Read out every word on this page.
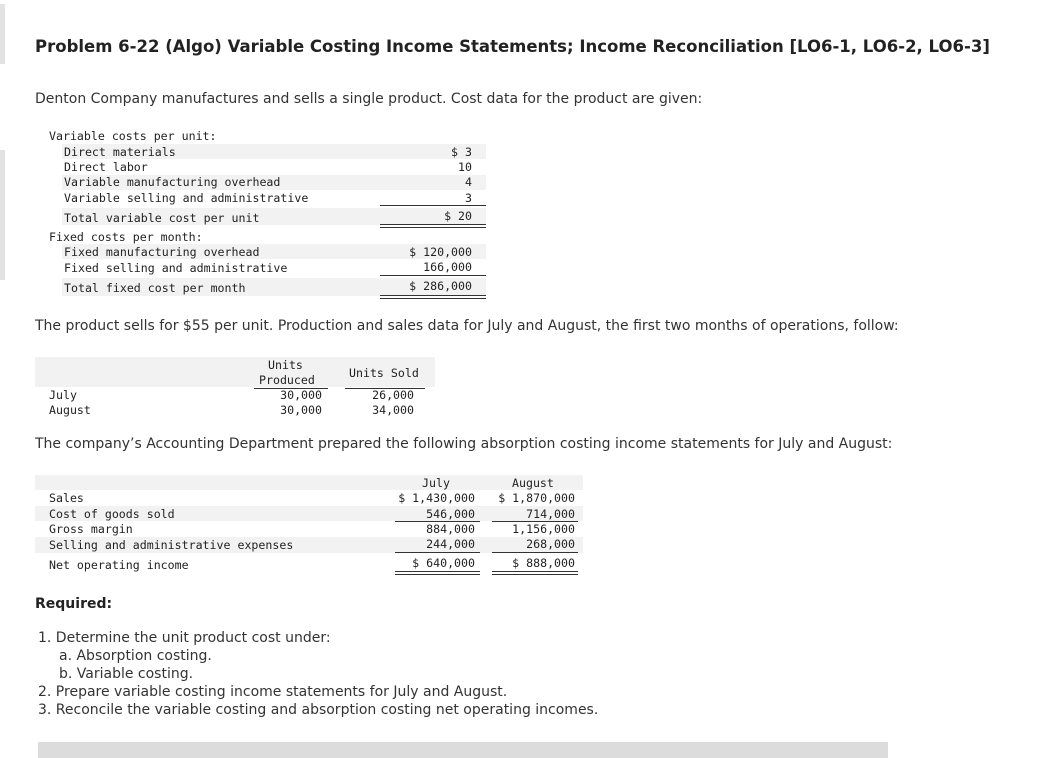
Problem 6-22 (Algo) Variable Costing Income Statements; Income Reconciliation [LO6-1, LO6-2, LO6-3]
Denton Company manufactures and sells a single product. Cost data for the product are given:
Variable costs per unit:
Direct materials	$ 3
Direct labor	10
Variable manufacturing overhead	4
Variable selling and administrative	3
Total variable cost per unit	$ 20
Fixed costs per month:
Fixed manufacturing overhead	$ 120,000
Fixed selling and administrative	166,000
Total fixed cost per month	$ 286,000
The product sells for $55 per unit. Production and sales data for July and August, the first two months of operations, follow:
Units
Produced	Units Sold
July	30,000	26,000
August	30,000	34,000
The company’s Accounting Department prepared the following absorption costing income statements for July and August:
July	August
Sales	$ 1,430,000	$ 1,870,000
Cost of goods sold	546,000	714,000
Gross margin	884,000	1,156,000
Selling and administrative expenses	244,000	268,000
Net operating income	$ 640,000	$ 888,000
Required:
1. Determine the unit product cost under:
a. Absorption costing.
b. Variable costing.
2. Prepare variable costing income statements for July and August.
3. Reconcile the variable costing and absorption costing net operating incomes.
